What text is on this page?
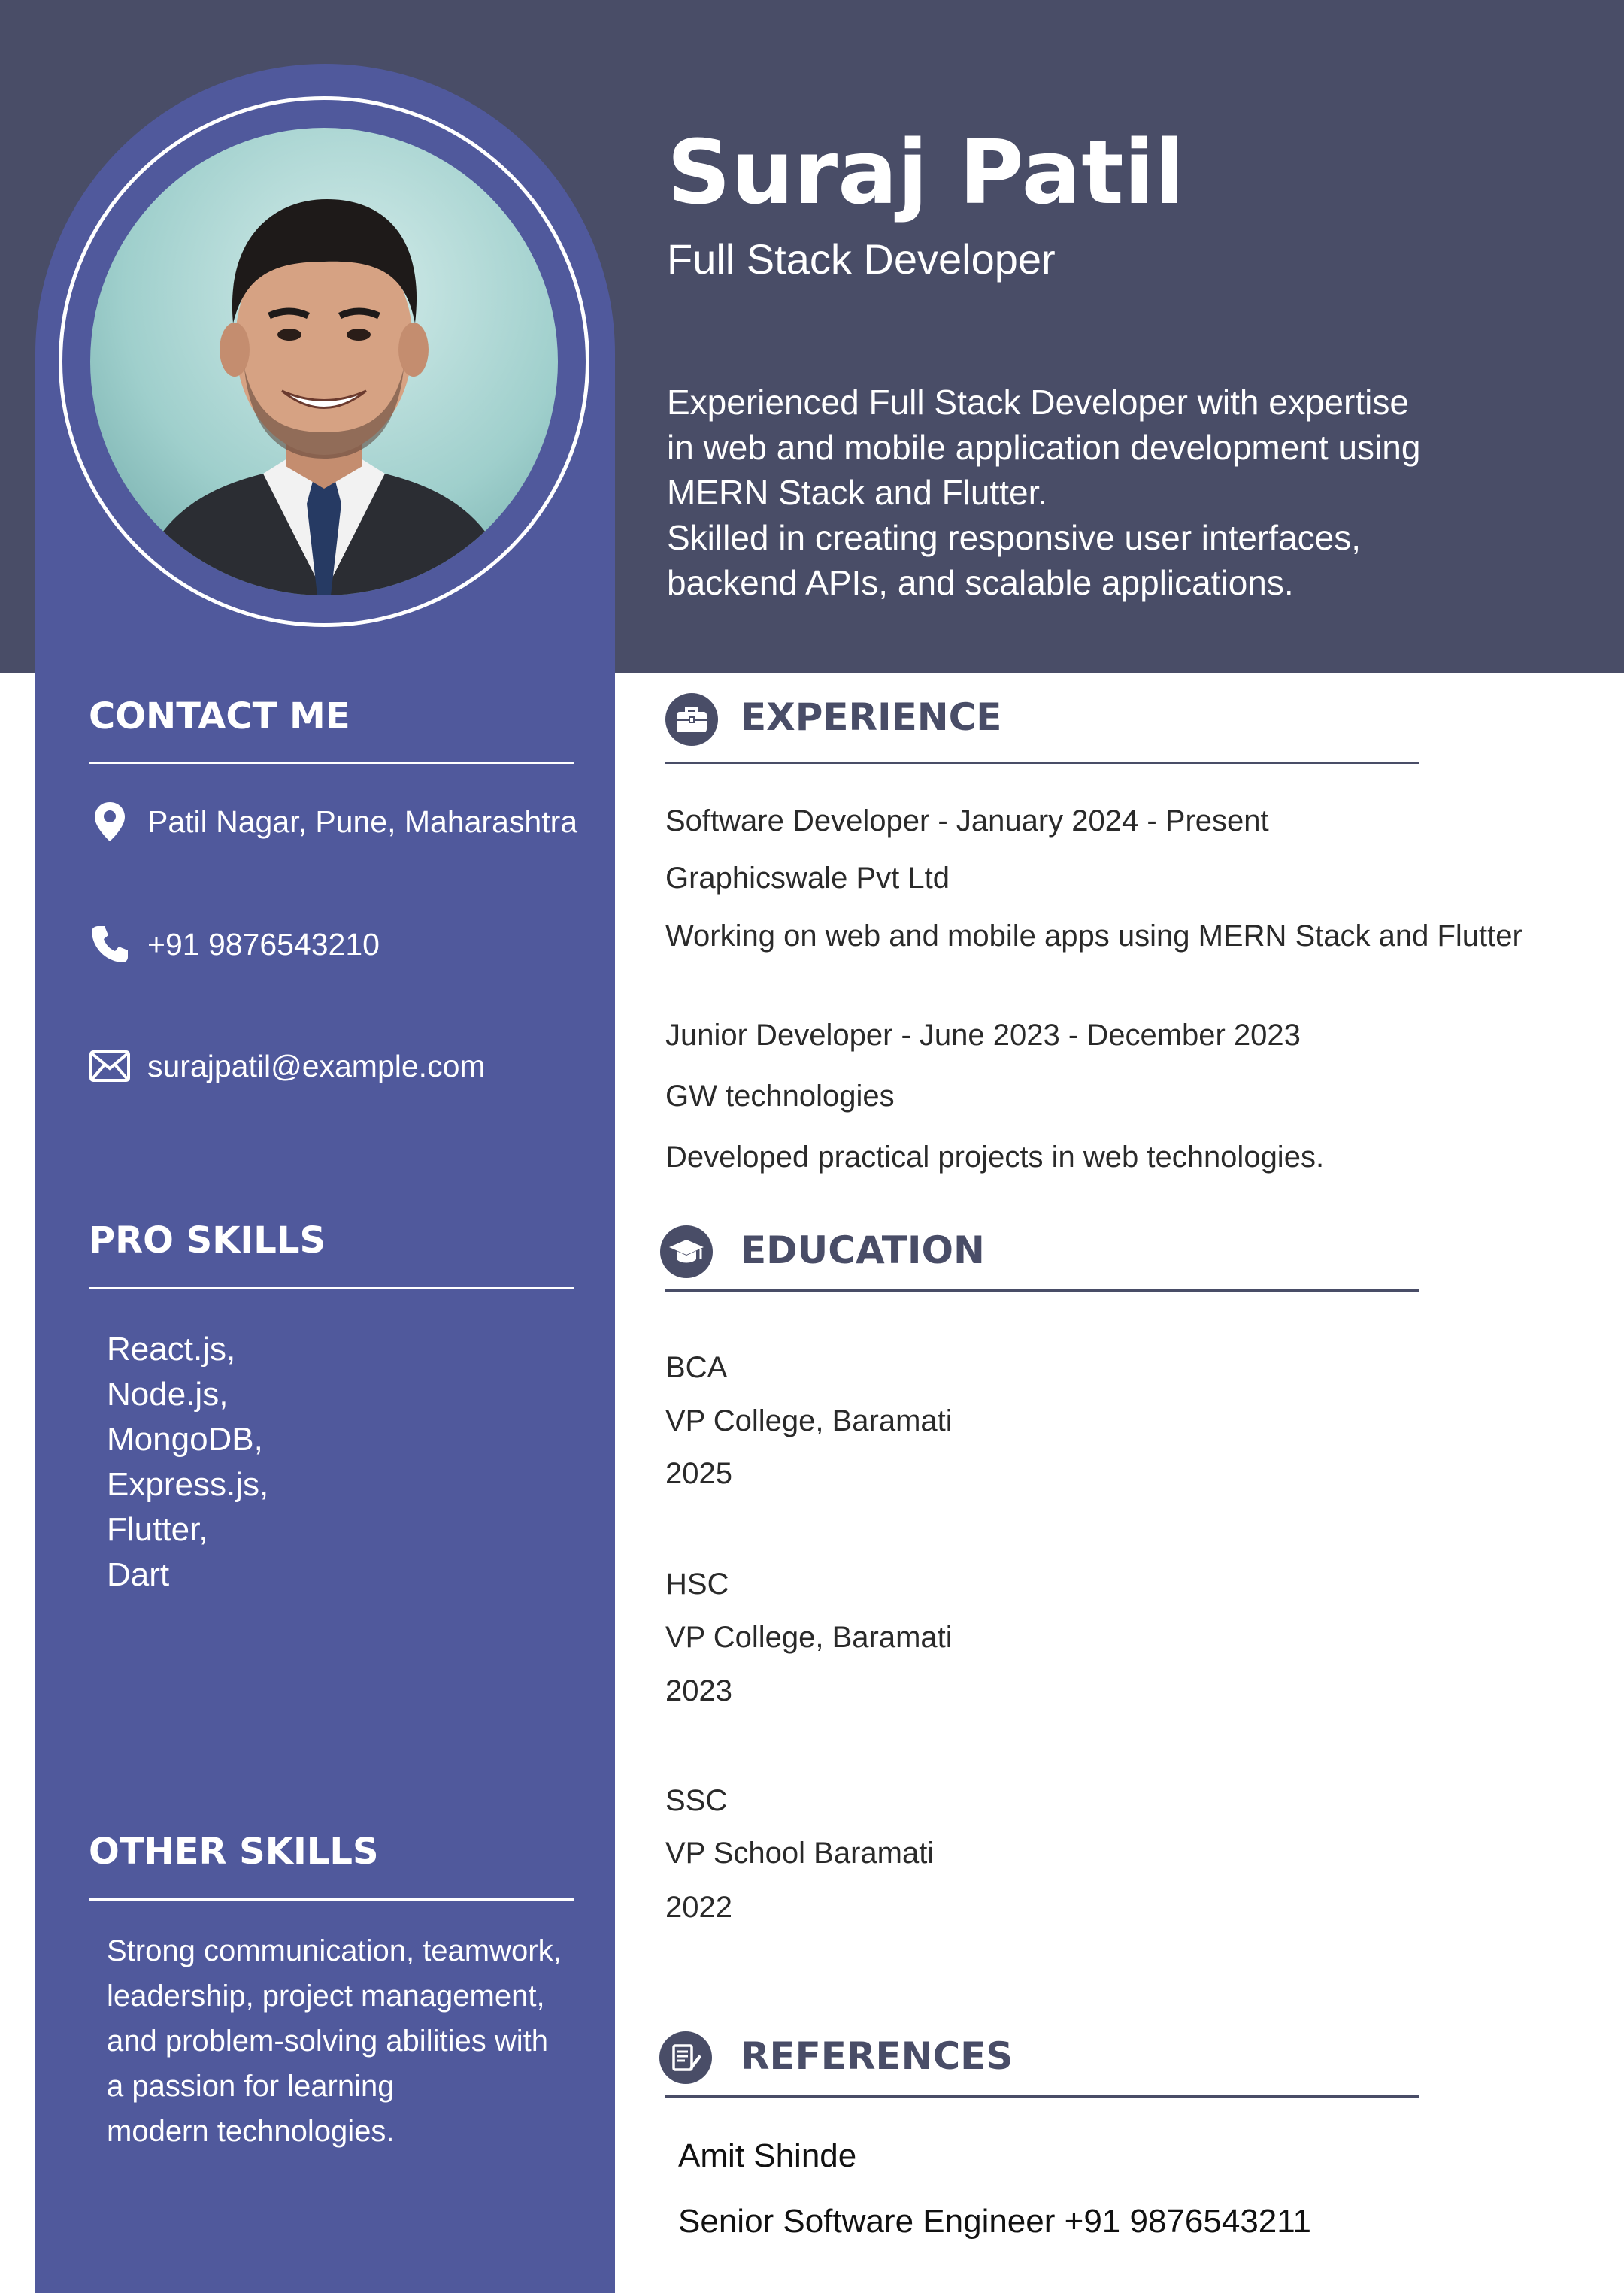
Suraj Patil
Full Stack Developer
Experienced Full Stack Developer with expertise
in web and mobile application development using
MERN Stack and Flutter.
Skilled in creating responsive user interfaces,
backend APIs, and scalable applications.
CONTACT ME
Patil Nagar, Pune, Maharashtra
+91 9876543210
surajpatil@example.com
PRO SKILLS
React.js,
Node.js,
MongoDB,
Express.js,
Flutter,
Dart
OTHER SKILLS
Strong communication, teamwork,
leadership, project management,
and problem-solving abilities with
a passion for learning
modern technologies.
EXPERIENCE
Software Developer - January 2024 - Present
Graphicswale Pvt Ltd
Working on web and mobile apps using MERN Stack and Flutter
Junior Developer - June 2023 - December 2023
GW technologies
Developed practical projects in web technologies.
EDUCATION
BCA
VP College, Baramati
2025
HSC
VP College, Baramati
2023
SSC
VP School Baramati
2022
REFERENCES
Amit Shinde
Senior Software Engineer +91 9876543211
